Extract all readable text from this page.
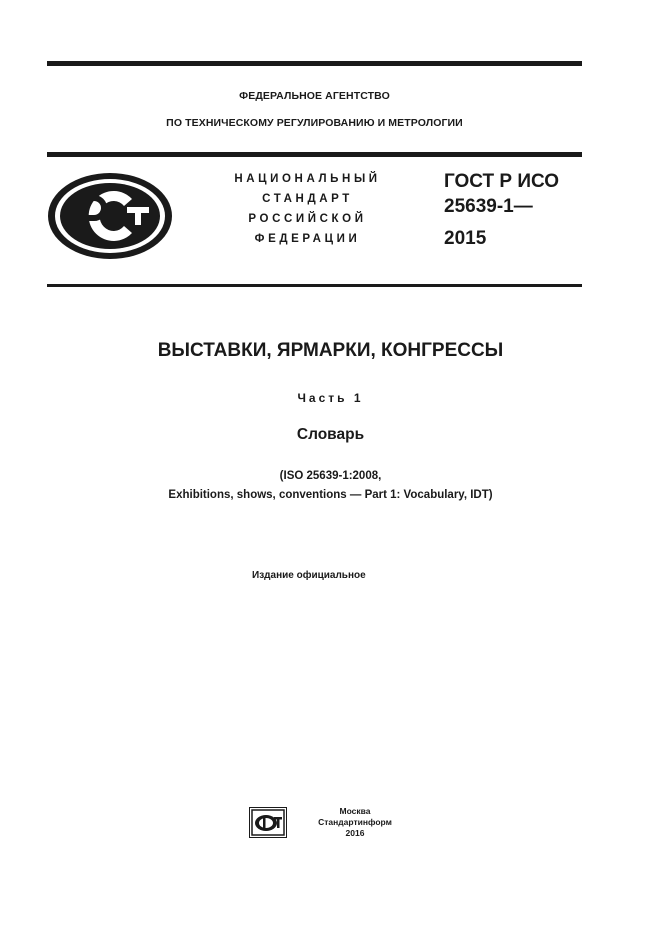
ФЕДЕРАЛЬНОЕ АГЕНТСТВО
ПО ТЕХНИЧЕСКОМУ РЕГУЛИРОВАНИЮ И МЕТРОЛОГИИ
НАЦИОНАЛЬНЫЙ
СТАНДАРТ
РОССИЙСКОЙ
ФЕДЕРАЦИИ
ГОСТ Р ИСО
25639-1—
2015
ВЫСТАВКИ, ЯРМАРКИ, КОНГРЕССЫ
Часть 1
Словарь
(ISO 25639-1:2008,
Exhibitions, shows, conventions — Part 1: Vocabulary, IDT)
Издание официальное
Москва
Стандартинформ
2016
